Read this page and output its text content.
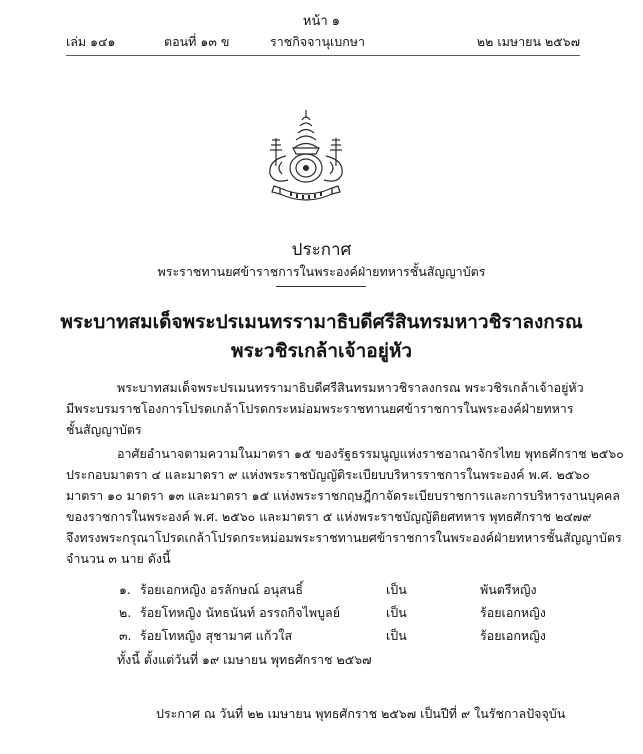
หน้า ๑
เล่ม ๑๔๑	ตอนที่ ๑๓ ข	ราชกิจจานุเบกษา	๒๒ เมษายน ๒๕๖๗
ประกาศ
พระราชทานยศข้าราชการในพระองค์ฝ่ายทหารชั้นสัญญาบัตร
พระบาทสมเด็จพระปรเมนทรรามาธิบดีศรีสินทรมหาวชิราลงกรณ
พระวชิรเกล้าเจ้าอยู่หัว
พระบาทสมเด็จพระปรเมนทรรามาธิบดีศรีสินทรมหาวชิราลงกรณ พระวชิรเกล้าเจ้าอยู่หัว
มีพระบรมราชโองการโปรดเกล้าโปรดกระหม่อมพระราชทานยศข้าราชการในพระองค์ฝ่ายทหาร
ชั้นสัญญาบัตร
อาศัยอำนาจตามความในมาตรา ๑๕ ของรัฐธรรมนูญแห่งราชอาณาจักรไทย พุทธศักราช ๒๕๖๐
ประกอบมาตรา ๔ และมาตรา ๙ แห่งพระราชบัญญัติระเบียบบริหารราชการในพระองค์ พ.ศ. ๒๕๖๐
มาตรา ๑๐ มาตรา ๑๓ และมาตรา ๑๕ แห่งพระราชกฤษฎีกาจัดระเบียบราชการและการบริหารงานบุคคล
ของราชการในพระองค์ พ.ศ. ๒๕๖๐ และมาตรา ๕ แห่งพระราชบัญญัติยศทหาร พุทธศักราช ๒๔๗๙
จึงทรงพระกรุณาโปรดเกล้าโปรดกระหม่อมพระราชทานยศข้าราชการในพระองค์ฝ่ายทหารชั้นสัญญาบัตร
จำนวน ๓ นาย ดังนี้
๑. ร้อยเอกหญิง อรลักษณ์ อนุสนธิ์	เป็น	พันตรีหญิง
๒. ร้อยโทหญิง นัทธนันท์ อรรถกิจไพบูลย์	เป็น	ร้อยเอกหญิง
๓. ร้อยโทหญิง สุชามาศ แก้วใส	เป็น	ร้อยเอกหญิง
ทั้งนี้ ตั้งแต่วันที่ ๑๙ เมษายน พุทธศักราช ๒๕๖๗
ประกาศ ณ วันที่ ๒๒ เมษายน พุทธศักราช ๒๕๖๗ เป็นปีที่ ๙ ในรัชกาลปัจจุบัน
